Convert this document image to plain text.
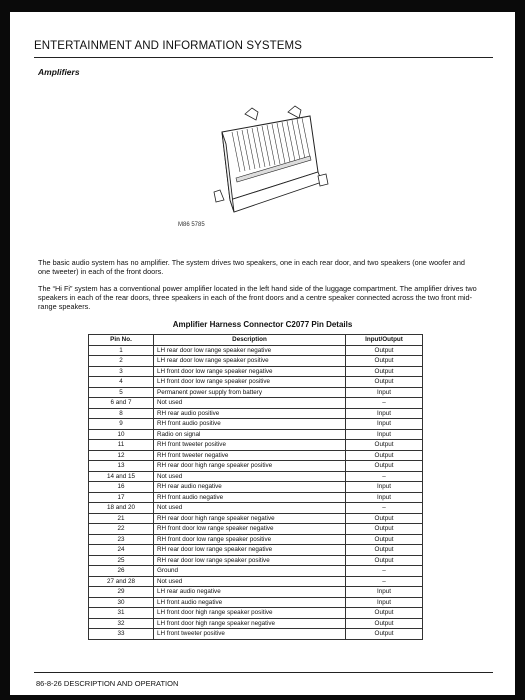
ENTERTAINMENT AND INFORMATION SYSTEMS
Amplifiers
M86 5785
The basic audio system has no amplifier. The system drives two speakers, one in each rear door, and two speakers (one woofer and one tweeter) in each of the front doors.
The “Hi Fi” system has a conventional power amplifier located in the left hand side of the luggage compartment. The amplifier drives two speakers in each of the rear doors, three speakers in each of the front doors and a centre speaker connected across the two front mid-range speakers.
Amplifier Harness Connector C2077 Pin Details
Pin No.	Description	Input/Output
1	LH rear door low range speaker negative	Output
2	LH rear door low range speaker positive	Output
3	LH front door low range speaker negative	Output
4	LH front door low range speaker positive	Output
5	Permanent power supply from battery	Input
6 and 7	Not used	–
8	RH rear audio positive	Input
9	RH front audio positive	Input
10	Radio on signal	Input
11	RH front tweeter positive	Output
12	RH front tweeter negative	Output
13	RH rear door high range speaker positive	Output
14 and 15	Not used	–
16	RH rear audio negative	Input
17	RH front audio negative	Input
18 and 20	Not used	–
21	RH rear door high range speaker negative	Output
22	RH front door low range speaker negative	Output
23	RH front door low range speaker positive	Output
24	RH rear door low range speaker negative	Output
25	RH rear door low range speaker positive	Output
26	Ground	–
27 and 28	Not used	–
29	LH rear audio negative	Input
30	LH front audio negative	Input
31	LH front door high range speaker positive	Output
32	LH front door high range speaker negative	Output
33	LH front tweeter positive	Output
86-8-26 DESCRIPTION AND OPERATION
